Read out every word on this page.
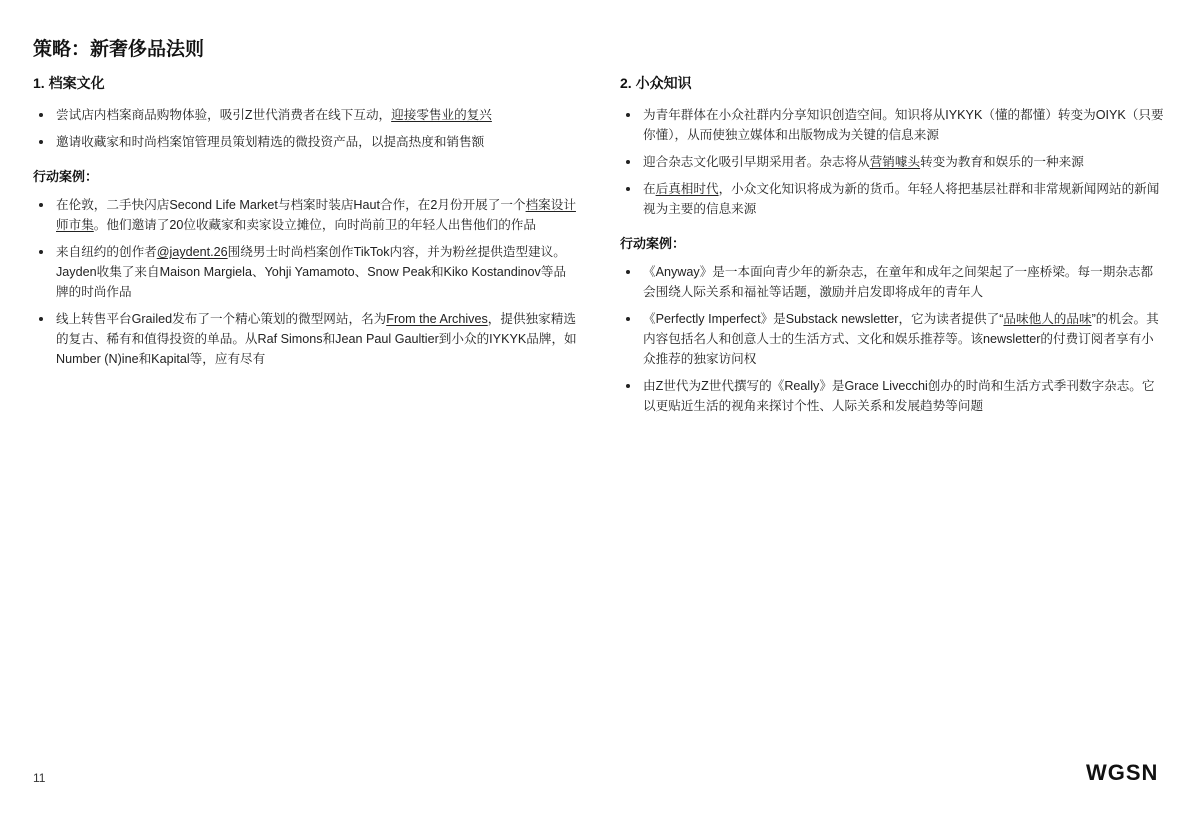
策略：新奢侈品法则
1. 档案文化
尝试店内档案商品购物体验，吸引Z世代消费者在线下互动，迎接零售业的复兴
邀请收藏家和时尚档案馆管理员策划精选的微投资产品，以提高热度和销售额
行动案例：
在伦敦，二手快闪店Second Life Market与档案时装店Haut合作，在2月份开展了一个档案设计师市集。他们邀请了20位收藏家和卖家设立摊位，向时尚前卫的年轻人出售他们的作品
来自纽约的创作者@jaydent.26围绕男士时尚档案创作TikTok内容，并为粉丝提供造型建议。 Jayden收集了来自Maison Margiela、Yohji Yamamoto、Snow Peak和Kiko Kostandinov等品牌的时尚作品
线上转售平台Grailed发布了一个精心策划的微型网站，名为From the Archives，提供独家精选的复古、稀有和值得投资的单品。从Raf Simons和Jean Paul Gaultier到小众的IYKYK品牌，如Number (N)ine和Kapital等，应有尽有
2. 小众知识
为青年群体在小众社群内分享知识创造空间。知识将从IYKYK（懂的都懂）转变为OIYK（只要你懂），从而使独立媒体和出版物成为关键的信息来源
迎合杂志文化吸引早期采用者。杂志将从营销噱头转变为教育和娱乐的一种来源
在后真相时代，小众文化知识将成为新的货币。年轻人将把基层社群和非常规新闻网站的新闻视为主要的信息来源
行动案例：
《Anyway》是一本面向青少年的新杂志，在童年和成年之间架起了一座桥梁。每一期杂志都会围绕人际关系和福祉等话题，激励并启发即将成年的青年人
《Perfectly Imperfect》是Substack newsletter，它为读者提供了“品味他人的品味”的机会。其内容包括名人和创意人士的生活方式、文化和娱乐推荐等。该newsletter的付费订阅者享有小众推荐的独家访问权
由Z世代为Z世代撰写的《Really》是Grace Livecchi创办的时尚和生活方式季刊数字杂志。它以更贴近生活的视角来探讨个性、人际关系和发展趋势等问题
11	WGSN
